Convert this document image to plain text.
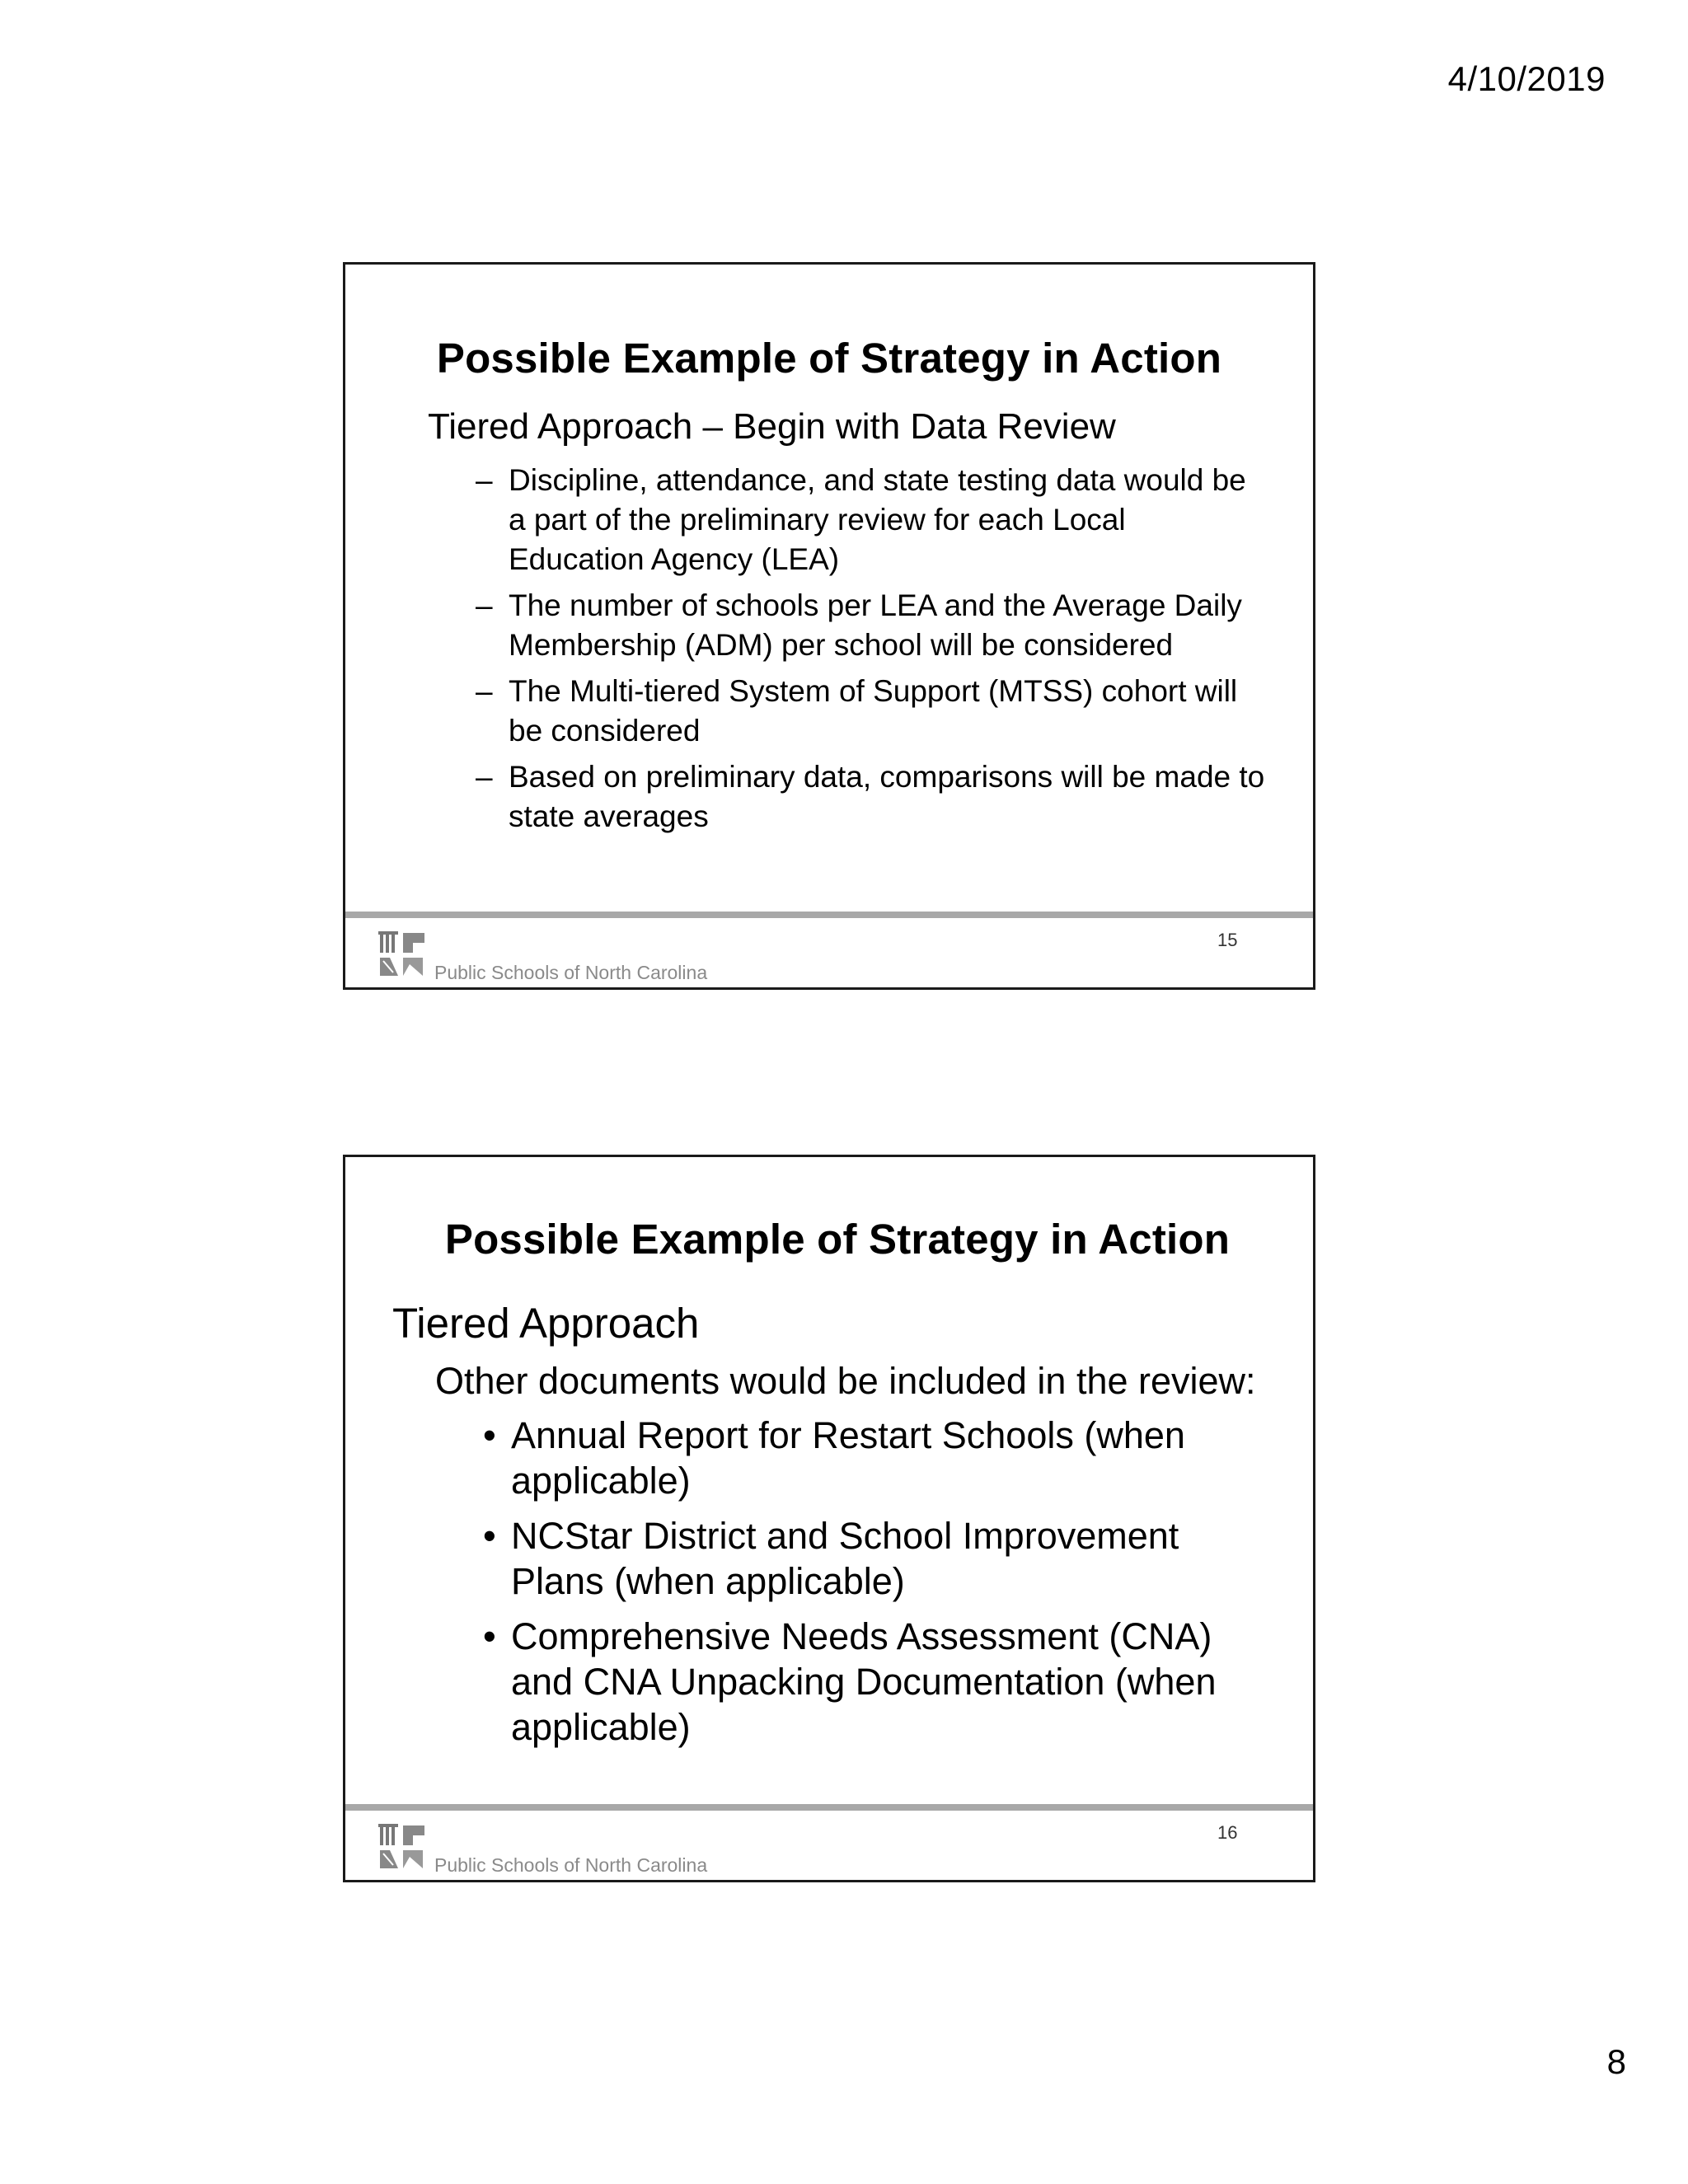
4/10/2019
Possible Example of Strategy in Action
Tiered Approach – Begin with Data Review
– Discipline, attendance, and state testing data would be a part of the preliminary review for each Local Education Agency (LEA)
– The number of schools per LEA and the Average Daily Membership (ADM) per school will be considered
– The Multi-tiered System of Support (MTSS) cohort will be considered
– Based on preliminary data, comparisons will be made to state averages
Public Schools of North Carolina
15
Possible Example of Strategy in Action
Tiered Approach
Other documents would be included in the review:
• Annual Report for Restart Schools (when applicable)
• NCStar District and School Improvement Plans (when applicable)
• Comprehensive Needs Assessment (CNA) and CNA Unpacking Documentation (when applicable)
Public Schools of North Carolina
16
8
